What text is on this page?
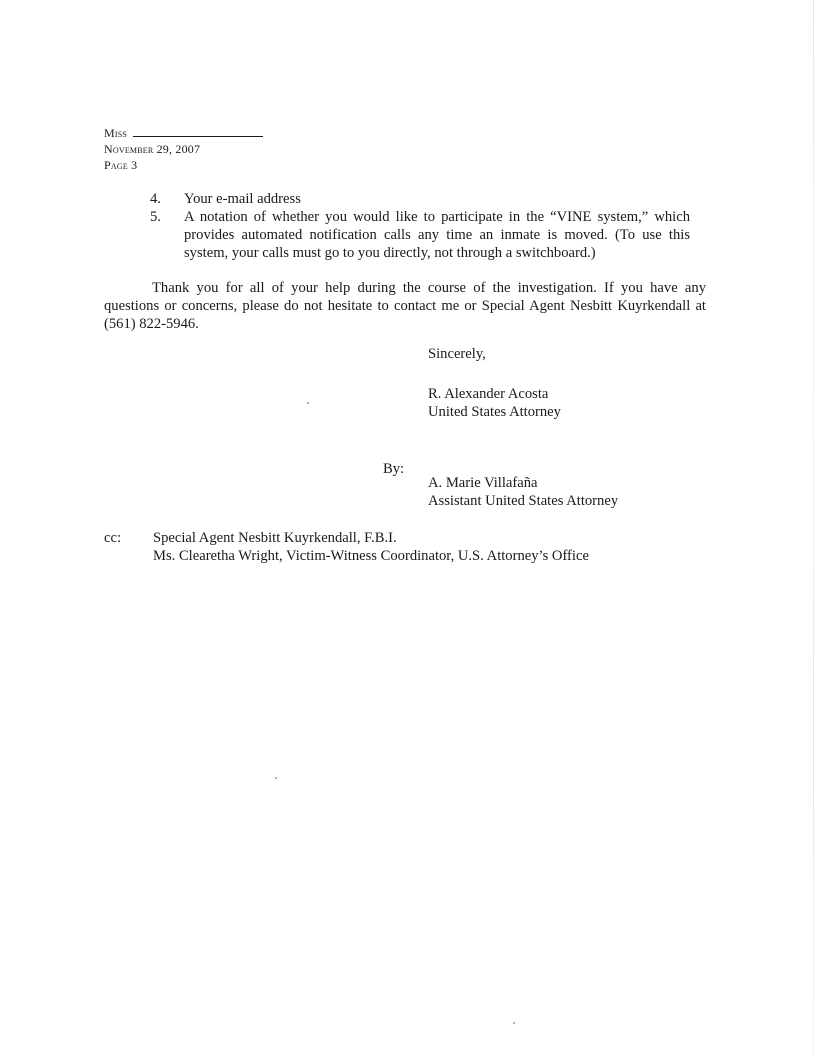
Miss
November 29, 2007
Page 3
4. Your e-mail address
5. A notation of whether you would like to participate in the “VINE system,” which provides automated notification calls any time an inmate is moved. (To use this system, your calls must go to you directly, not through a switchboard.)
Thank you for all of your help during the course of the investigation. If you have any questions or concerns, please do not hesitate to contact me or Special Agent Nesbitt Kuyrkendall at (561) 822-5946.
Sincerely,
R. Alexander Acosta
United States Attorney
By:
A. Marie Villafaña
Assistant United States Attorney
cc: Special Agent Nesbitt Kuyrkendall, F.B.I.
Ms. Clearetha Wright, Victim-Witness Coordinator, U.S. Attorney’s Office
